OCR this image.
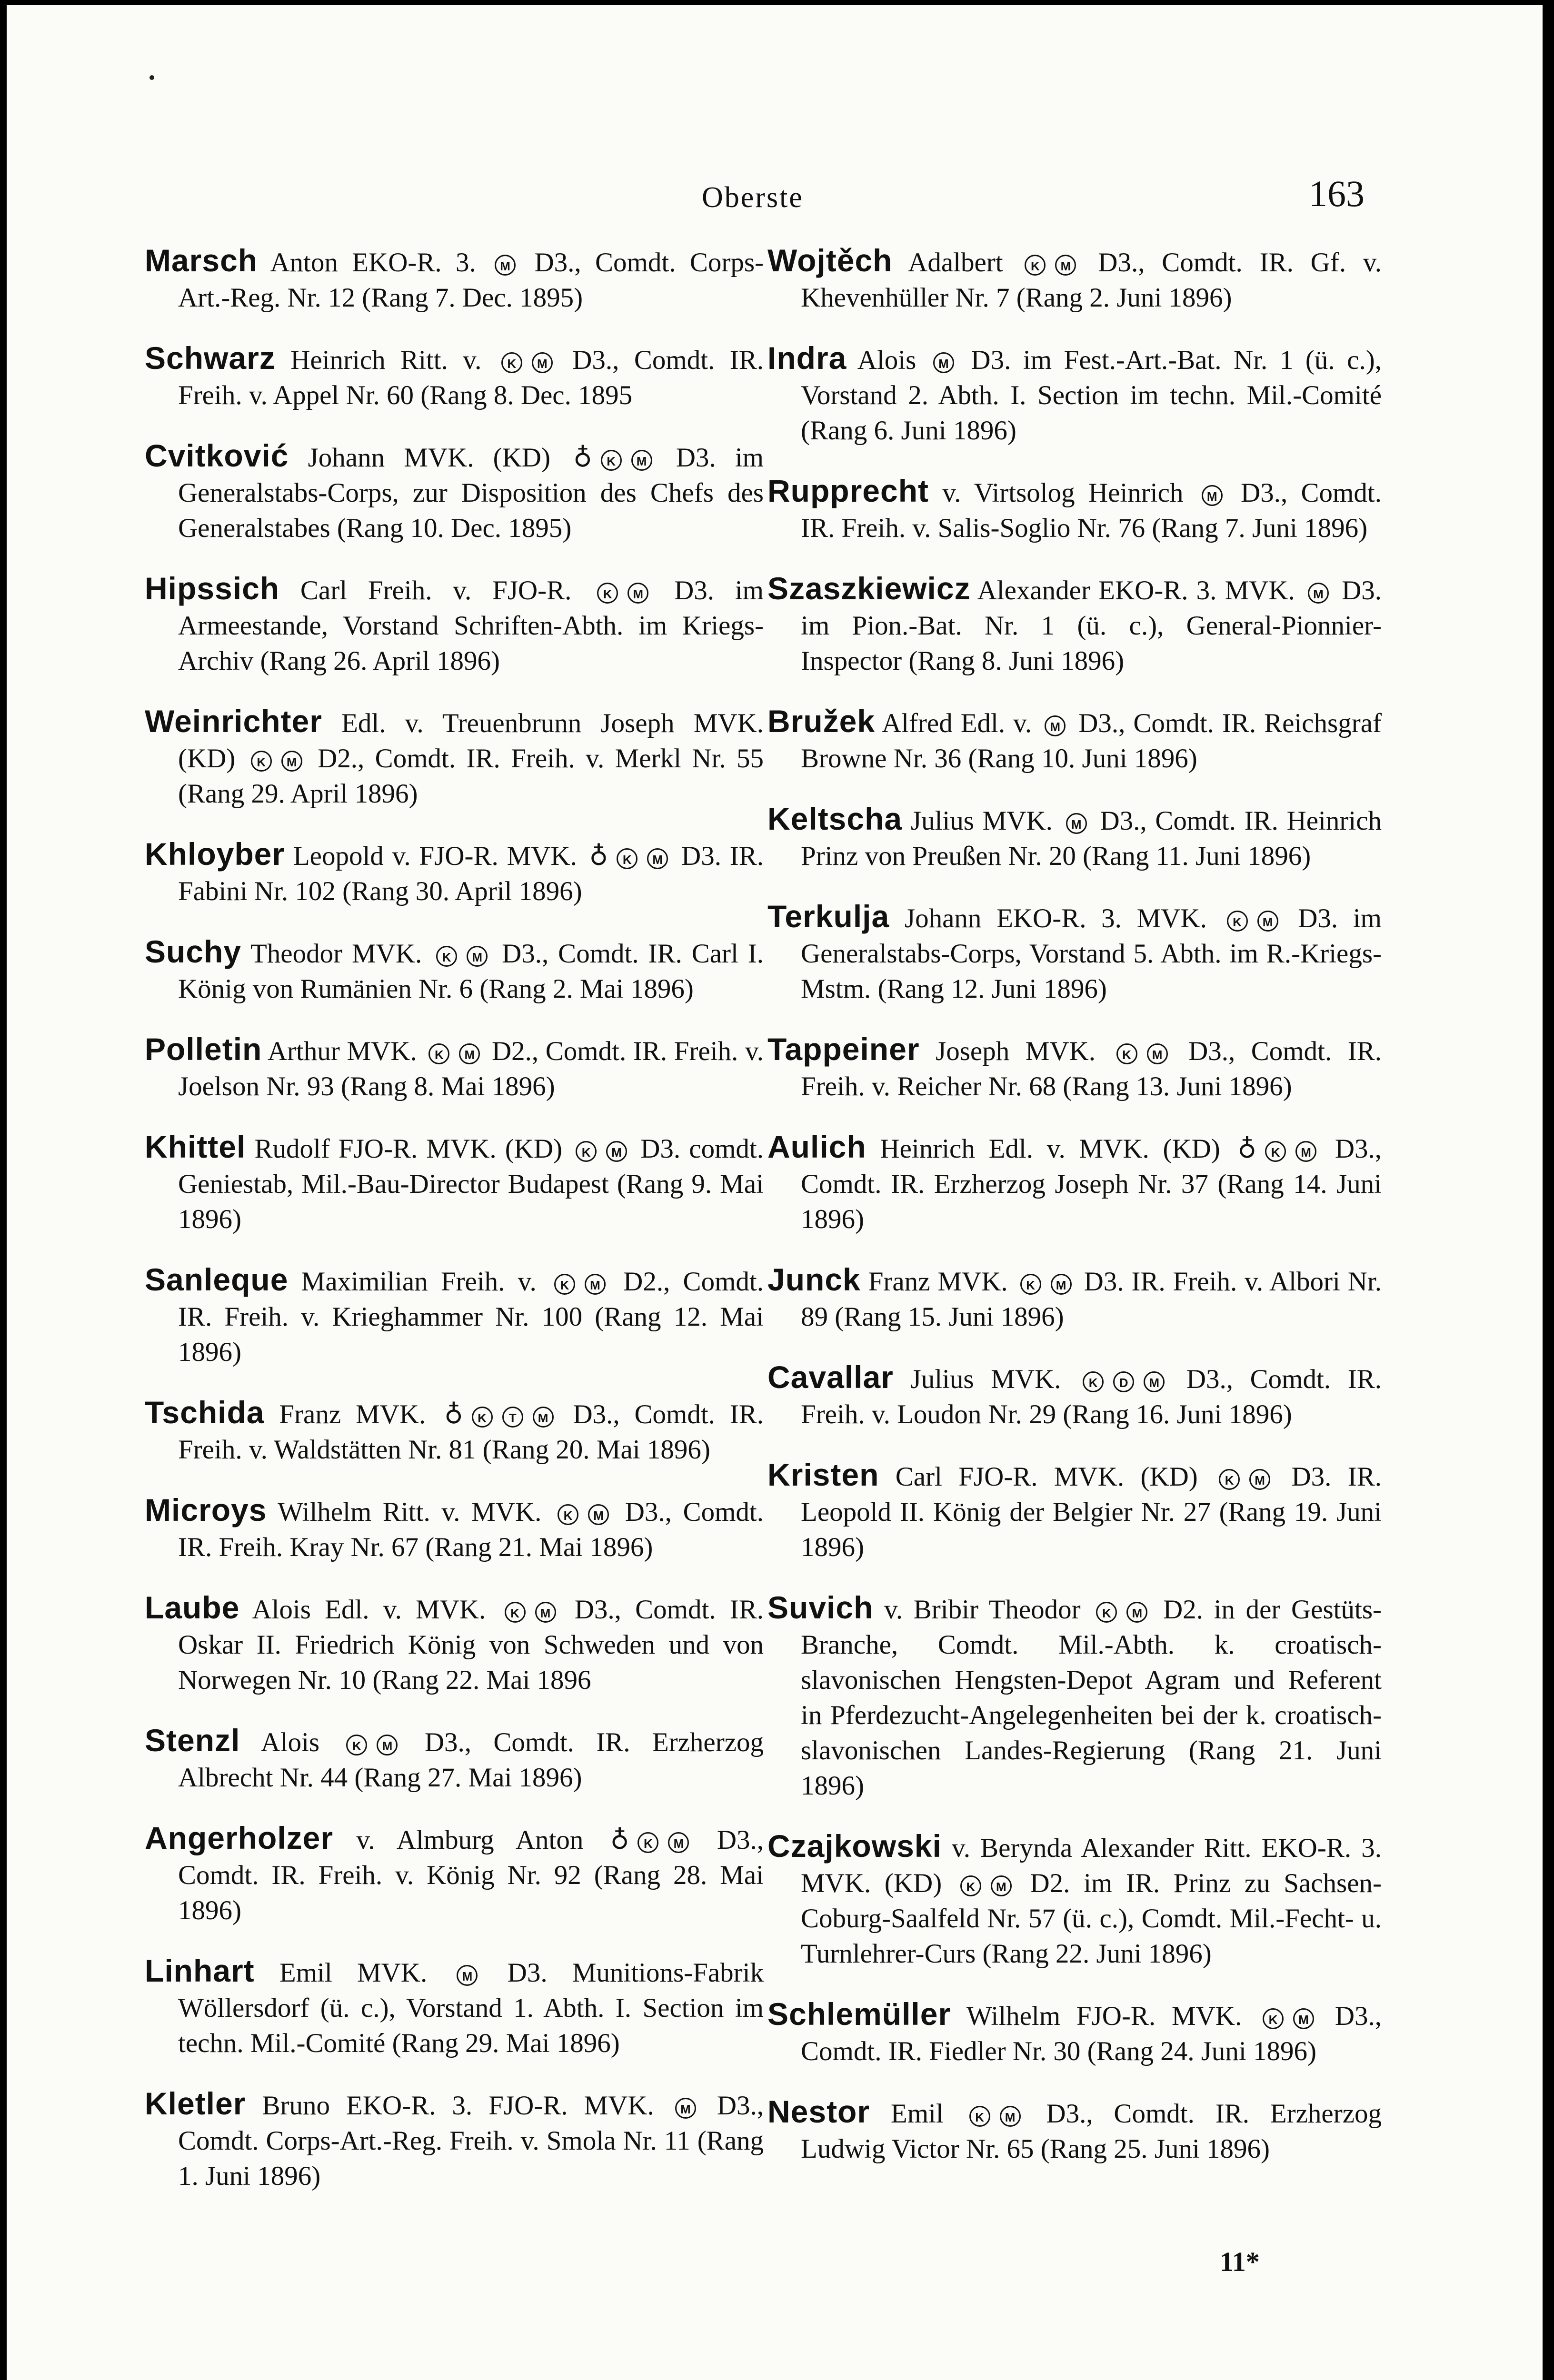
Oberste	163

Marsch Anton EKO-R. 3. M D3., Comdt. Corps-Art.-Reg. Nr. 12 (Rang 7. Dec. 1895)

Schwarz Heinrich Ritt. v. K M D3., Comdt. IR. Freih. v. Appel Nr. 60 (Rang 8. Dec. 1895

Cvitković Johann MVK. (KD) ♁ K M D3. im Generalstabs-Corps, zur Disposition des Chefs des Generalstabes (Rang 10. Dec. 1895)

Hipssich Carl Freih. v. FJO-R. K M D3. im Armeestande, Vorstand Schriften-Abth. im Kriegs-Archiv (Rang 26. April 1896)

Weinrichter Edl. v. Treuenbrunn Joseph MVK. (KD) K M D2., Comdt. IR. Freih. v. Merkl Nr. 55 (Rang 29. April 1896)

Khloyber Leopold v. FJO-R. MVK. ♁ K M D3. IR. Fabini Nr. 102 (Rang 30. April 1896)

Suchy Theodor MVK. K M D3., Comdt. IR. Carl I. König von Rumänien Nr. 6 (Rang 2. Mai 1896)

Polletin Arthur MVK. K M D2., Comdt. IR. Freih. v. Joelson Nr. 93 (Rang 8. Mai 1896)

Khittel Rudolf FJO-R. MVK. (KD) K M D3. comdt. Geniestab, Mil.-Bau-Director Budapest (Rang 9. Mai 1896)

Sanleque Maximilian Freih. v. K M D2., Comdt. IR. Freih. v. Krieghammer Nr. 100 (Rang 12. Mai 1896)

Tschida Franz MVK. ♁ K T M D3., Comdt. IR. Freih. v. Waldstätten Nr. 81 (Rang 20. Mai 1896)

Microys Wilhelm Ritt. v. MVK. K M D3., Comdt. IR. Freih. Kray Nr. 67 (Rang 21. Mai 1896)

Laube Alois Edl. v. MVK. K M D3., Comdt. IR. Oskar II. Friedrich König von Schweden und von Norwegen Nr. 10 (Rang 22. Mai 1896

Stenzl Alois K M D3., Comdt. IR. Erzherzog Albrecht Nr. 44 (Rang 27. Mai 1896)

Angerholzer v. Almburg Anton ♁ K M D3., Comdt. IR. Freih. v. König Nr. 92 (Rang 28. Mai 1896)

Linhart Emil MVK. M D3. Munitions-Fabrik Wöllersdorf (ü. c.), Vorstand 1. Abth. I. Section im techn. Mil.-Comité (Rang 29. Mai 1896)

Kletler Bruno EKO-R. 3. FJO-R. MVK. M D3., Comdt. Corps-Art.-Reg. Freih. v. Smola Nr. 11 (Rang 1. Juni 1896)

Wojtěch Adalbert K M D3., Comdt. IR. Gf. v. Khevenhüller Nr. 7 (Rang 2. Juni 1896)

Indra Alois M D3. im Fest.-Art.-Bat. Nr. 1 (ü. c.), Vorstand 2. Abth. I. Section im techn. Mil.-Comité (Rang 6. Juni 1896)

Rupprecht v. Virtsolog Heinrich M D3., Comdt. IR. Freih. v. Salis-Soglio Nr. 76 (Rang 7. Juni 1896)

Szaszkiewicz Alexander EKO-R. 3. MVK. M D3. im Pion.-Bat. Nr. 1 (ü. c.), General-Pionnier-Inspector (Rang 8. Juni 1896)

Bružek Alfred Edl. v. M D3., Comdt. IR. Reichsgraf Browne Nr. 36 (Rang 10. Juni 1896)

Keltscha Julius MVK. M D3., Comdt. IR. Heinrich Prinz von Preußen Nr. 20 (Rang 11. Juni 1896)

Terkulja Johann EKO-R. 3. MVK. K M D3. im Generalstabs-Corps, Vorstand 5. Abth. im R.-Kriegs-Mstm. (Rang 12. Juni 1896)

Tappeiner Joseph MVK. K M D3., Comdt. IR. Freih. v. Reicher Nr. 68 (Rang 13. Juni 1896)

Aulich Heinrich Edl. v. MVK. (KD) ♁ K M D3., Comdt. IR. Erzherzog Joseph Nr. 37 (Rang 14. Juni 1896)

Junck Franz MVK. K M D3. IR. Freih. v. Albori Nr. 89 (Rang 15. Juni 1896)

Cavallar Julius MVK. K D M D3., Comdt. IR. Freih. v. Loudon Nr. 29 (Rang 16. Juni 1896)

Kristen Carl FJO-R. MVK. (KD) K M D3. IR. Leopold II. König der Belgier Nr. 27 (Rang 19. Juni 1896)

Suvich v. Bribir Theodor K M D2. in der Gestüts-Branche, Comdt. Mil.-Abth. k. croatisch-slavonischen Hengsten-Depot Agram und Referent in Pferdezucht-Angelegenheiten bei der k. croatisch-slavonischen Landes-Regierung (Rang 21. Juni 1896)

Czajkowski v. Berynda Alexander Ritt. EKO-R. 3. MVK. (KD) K M D2. im IR. Prinz zu Sachsen-Coburg-Saalfeld Nr. 57 (ü. c.), Comdt. Mil.-Fecht- u. Turnlehrer-Curs (Rang 22. Juni 1896)

Schlemüller Wilhelm FJO-R. MVK. K M D3., Comdt. IR. Fiedler Nr. 30 (Rang 24. Juni 1896)

Nestor Emil K M D3., Comdt. IR. Erzherzog Ludwig Victor Nr. 65 (Rang 25. Juni 1896)

11*
